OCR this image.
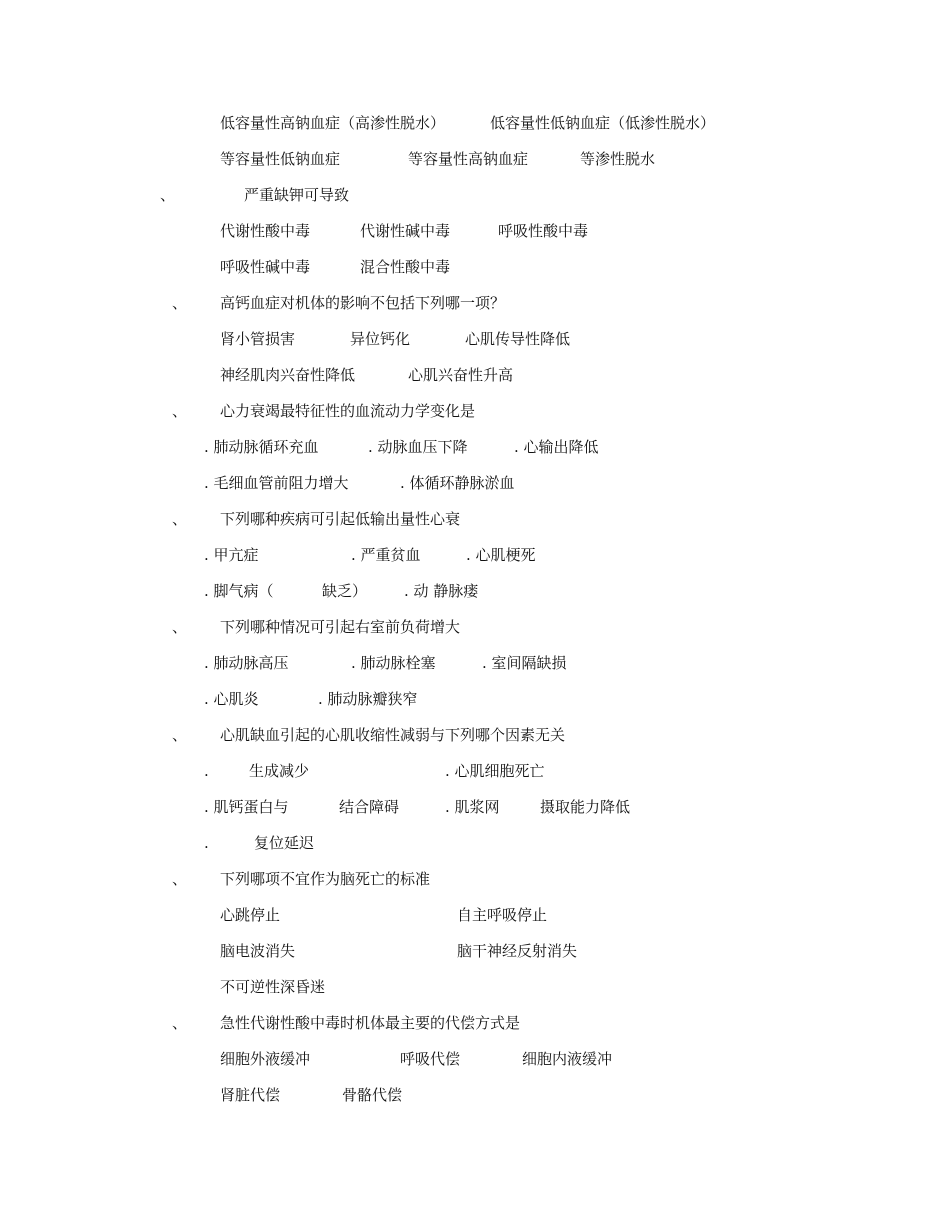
低容量性高钠血症（高渗性脱水）	低容量性低钠血症（低渗性脱水）
等容量性低钠血症	等容量性高钠血症	等渗性脱水
、	严重缺钾可导致
代谢性酸中毒	代谢性碱中毒	呼吸性酸中毒
呼吸性碱中毒	混合性酸中毒
、 高钙血症对机体的影响不包括下列哪一项？
肾小管损害	异位钙化	心肌传导性降低
神经肌肉兴奋性降低	心肌兴奋性升高
、 心力衰竭最特征性的血流动力学变化是
. 肺动脉循环充血	. 动脉血压下降	. 心输出降低
. 毛细血管前阻力增大	. 体循环静脉淤血
、 下列哪种疾病可引起低输出量性心衰
. 甲亢症	. 严重贫血	. 心肌梗死
. 脚气病（	缺乏） . 动 静脉瘘
、 下列哪种情况可引起右室前负荷增大
. 肺动脉高压	. 肺动脉栓塞	. 室间隔缺损
. 心肌炎	. 肺动脉瓣狭窄
、 心肌缺血引起的心肌收缩性减弱与下列哪个因素无关
.	生成减少	. 心肌细胞死亡
. 肌钙蛋白与	结合障碍	. 肌浆网	摄取能力降低
.	复位延迟
、 下列哪项不宜作为脑死亡的标准
心跳停止	自主呼吸停止
脑电波消失	脑干神经反射消失
不可逆性深昏迷
、 急性代谢性酸中毒时机体最主要的代偿方式是
细胞外液缓冲	呼吸代偿	细胞内液缓冲
肾脏代偿	骨骼代偿
